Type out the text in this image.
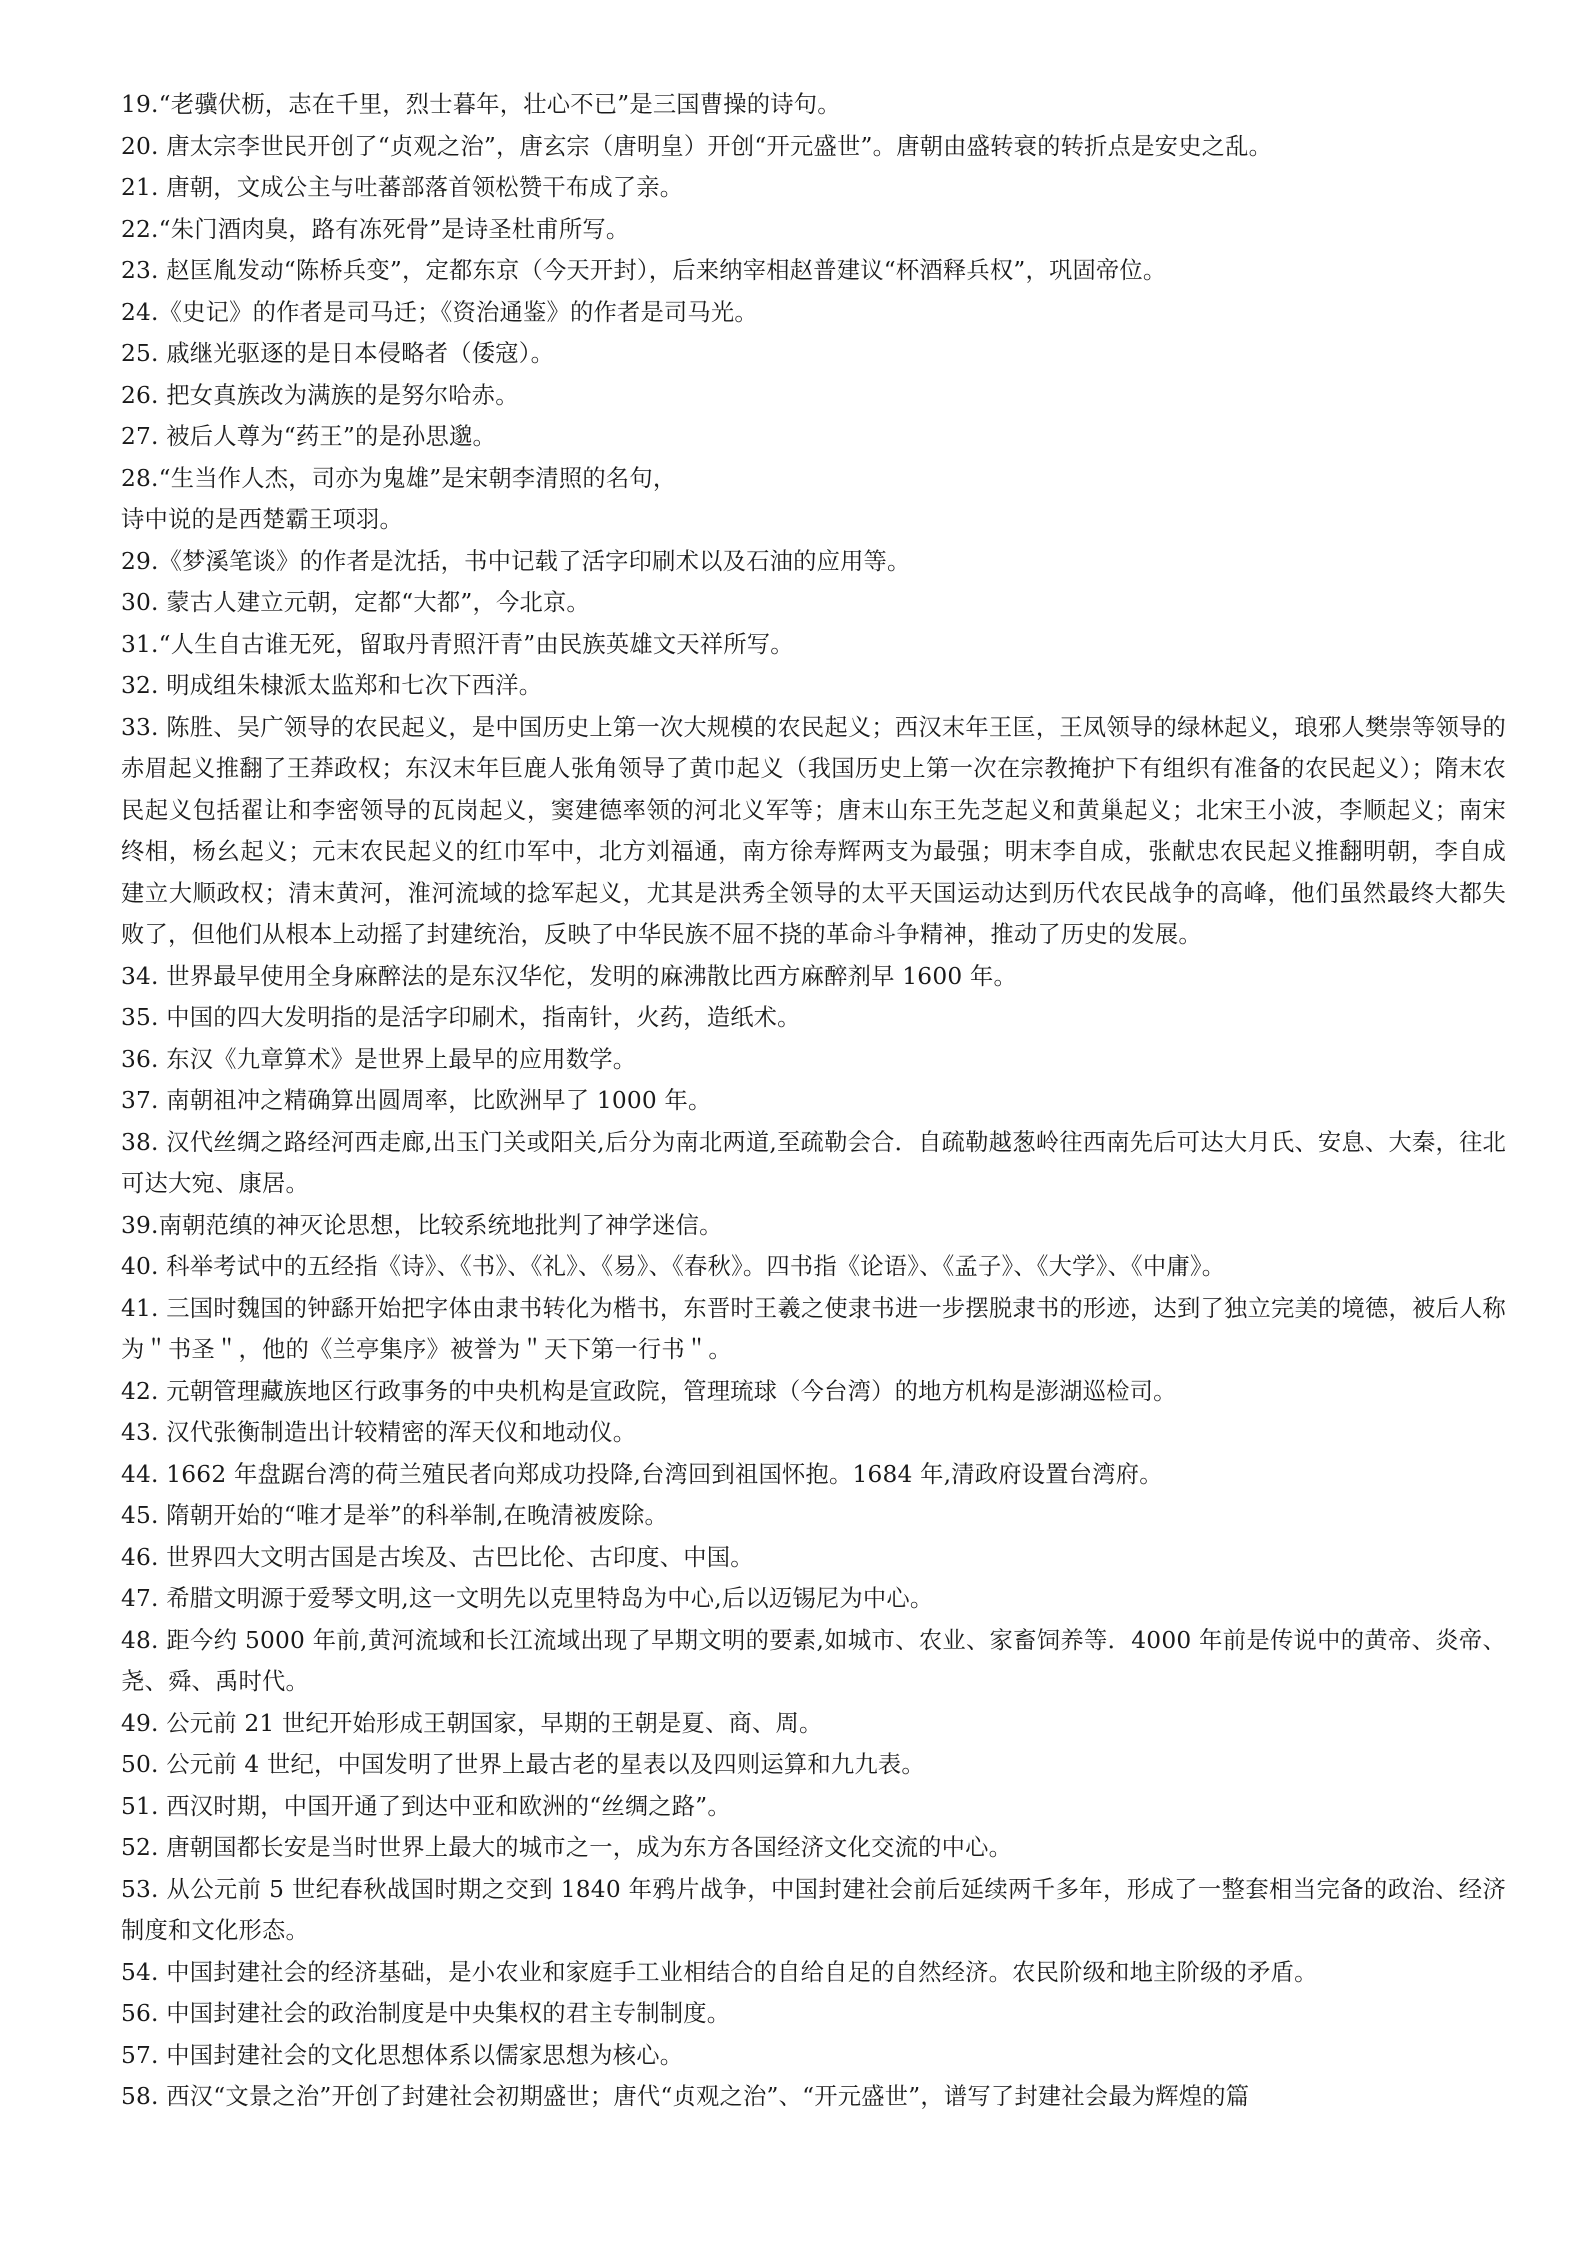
19.“老骥伏枥，志在千里，烈士暮年，壮心不已”是三国曹操的诗句。

20. 唐太宗李世民开创了“贞观之治”，唐玄宗（唐明皇）开创“开元盛世”。唐朝由盛转衰的转折点是安史之乱。

21. 唐朝，文成公主与吐蕃部落首领松赞干布成了亲。

22.“朱门酒肉臭，路有冻死骨”是诗圣杜甫所写。

23. 赵匡胤发动“陈桥兵变”，定都东京（今天开封），后来纳宰相赵普建议“杯酒释兵权”，巩固帝位。

24.《史记》的作者是司马迁；《资治通鉴》的作者是司马光。

25. 戚继光驱逐的是日本侵略者（倭寇）。

26. 把女真族改为满族的是努尔哈赤。

27. 被后人尊为“药王”的是孙思邈。

28.“生当作人杰，司亦为鬼雄”是宋朝李清照的名句，
诗中说的是西楚霸王项羽。

29.《梦溪笔谈》的作者是沈括，书中记载了活字印刷术以及石油的应用等。

30. 蒙古人建立元朝，定都“大都”，今北京。

31.“人生自古谁无死，留取丹青照汗青”由民族英雄文天祥所写。

32. 明成组朱棣派太监郑和七次下西洋。

33. 陈胜、吴广领导的农民起义，是中国历史上第一次大规模的农民起义；西汉末年王匡，王凤领导的绿林起义，琅邪人樊崇等领导的赤眉起义推翻了王莽政权；东汉末年巨鹿人张角领导了黄巾起义（我国历史上第一次在宗教掩护下有组织有准备的农民起义）；隋末农民起义包括翟让和李密领导的瓦岗起义，窦建德率领的河北义军等；唐末山东王先芝起义和黄巢起义；北宋王小波，李顺起义；南宋终相，杨幺起义；元末农民起义的红巾军中，北方刘福通，南方徐寿辉两支为最强；明末李自成，张献忠农民起义推翻明朝，李自成建立大顺政权；清末黄河，淮河流域的捻军起义，尤其是洪秀全领导的太平天国运动达到历代农民战争的高峰，他们虽然最终大都失败了，但他们从根本上动摇了封建统治，反映了中华民族不屈不挠的革命斗争精神，推动了历史的发展。

34. 世界最早使用全身麻醉法的是东汉华佗，发明的麻沸散比西方麻醉剂早 1600 年。

35. 中国的四大发明指的是活字印刷术，指南针，火药，造纸术。

36. 东汉《九章算术》是世界上最早的应用数学。

37. 南朝祖冲之精确算出圆周率，比欧洲早了 1000 年。

38. 汉代丝绸之路经河西走廊,出玉门关或阳关,后分为南北两道,至疏勒会合．自疏勒越葱岭往西南先后可达大月氏、安息、大秦，往北可达大宛、康居。

39.南朝范缜的神灭论思想，比较系统地批判了神学迷信。

40. 科举考试中的五经指《诗》、《书》、《礼》、《易》、《春秋》。四书指《论语》、《孟子》、《大学》、《中庸》。

41. 三国时魏国的钟繇开始把字体由隶书转化为楷书，东晋时王羲之使隶书进一步摆脱隶书的形迹，达到了独立完美的境德，被后人称为＂书圣＂，他的《兰亭集序》被誉为＂天下第一行书＂。

42. 元朝管理藏族地区行政事务的中央机构是宣政院，管理琉球（今台湾）的地方机构是澎湖巡检司。

43. 汉代张衡制造出计较精密的浑天仪和地动仪。

44. 1662 年盘踞台湾的荷兰殖民者向郑成功投降,台湾回到祖国怀抱。1684 年,清政府设置台湾府。

45. 隋朝开始的“唯才是举”的科举制,在晚清被废除。

46. 世界四大文明古国是古埃及、古巴比伦、古印度、中国。

47. 希腊文明源于爱琴文明,这一文明先以克里特岛为中心,后以迈锡尼为中心。

48. 距今约 5000 年前,黄河流域和长江流域出现了早期文明的要素,如城市、农业、家畜饲养等．4000 年前是传说中的黄帝、炎帝、尧、舜、禹时代。

49. 公元前 21 世纪开始形成王朝国家，早期的王朝是夏、商、周。

50. 公元前 4 世纪，中国发明了世界上最古老的星表以及四则运算和九九表。

51. 西汉时期，中国开通了到达中亚和欧洲的“丝绸之路”。

52. 唐朝国都长安是当时世界上最大的城市之一，成为东方各国经济文化交流的中心。

53. 从公元前 5 世纪春秋战国时期之交到 1840 年鸦片战争，中国封建社会前后延续两千多年，形成了一整套相当完备的政治、经济制度和文化形态。

54. 中国封建社会的经济基础，是小农业和家庭手工业相结合的自给自足的自然经济。农民阶级和地主阶级的矛盾。

56. 中国封建社会的政治制度是中央集权的君主专制制度。

57. 中国封建社会的文化思想体系以儒家思想为核心。

58. 西汉“文景之治”开创了封建社会初期盛世；唐代“贞观之治”、“开元盛世”，谱写了封建社会最为辉煌的篇
